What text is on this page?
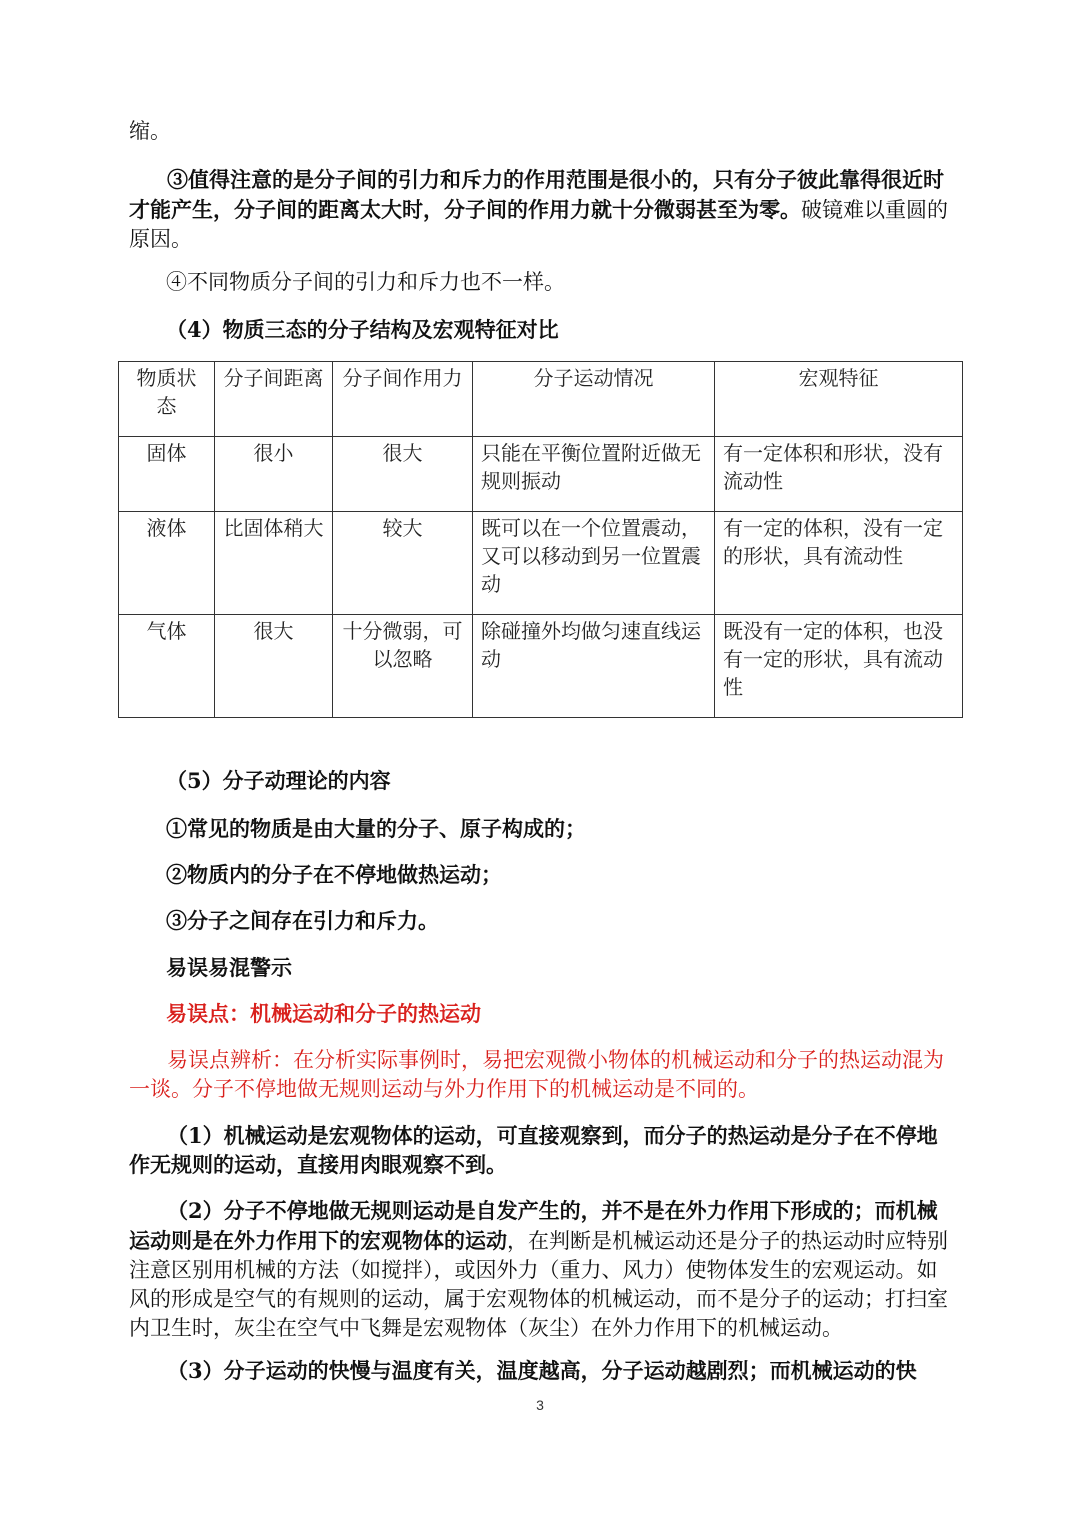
缩。

③值得注意的是分子间的引力和斥力的作用范围是很小的，只有分子彼此靠得很近时才能产生，分子间的距离太大时，分子间的作用力就十分微弱甚至为零。破镜难以重圆的原因。

④不同物质分子间的引力和斥力也不一样。

（4）物质三态的分子结构及宏观特征对比

物质状态	分子间距离	分子间作用力	分子运动情况	宏观特征
固体	很小	很大	只能在平衡位置附近做无规则振动	有一定体积和形状，没有流动性
液体	比固体稍大	较大	既可以在一个位置震动，又可以移动到另一位置震动	有一定的体积，没有一定的形状，具有流动性
气体	很大	十分微弱，可以忽略	除碰撞外均做匀速直线运动	既没有一定的体积，也没有一定的形状，具有流动性

（5）分子动理论的内容

①常见的物质是由大量的分子、原子构成的；

②物质内的分子在不停地做热运动；

③分子之间存在引力和斥力。

易误易混警示

易误点：机械运动和分子的热运动

易误点辨析：在分析实际事例时，易把宏观微小物体的机械运动和分子的热运动混为一谈。分子不停地做无规则运动与外力作用下的机械运动是不同的。

（1）机械运动是宏观物体的运动，可直接观察到，而分子的热运动是分子在不停地作无规则的运动，直接用肉眼观察不到。

（2）分子不停地做无规则运动是自发产生的，并不是在外力作用下形成的；而机械运动则是在外力作用下的宏观物体的运动，在判断是机械运动还是分子的热运动时应特别注意区别用机械的方法（如搅拌），或因外力（重力、风力）使物体发生的宏观运动。如风的形成是空气的有规则的运动，属于宏观物体的机械运动，而不是分子的运动；打扫室内卫生时，灰尘在空气中飞舞是宏观物体（灰尘）在外力作用下的机械运动。

（3）分子运动的快慢与温度有关，温度越高，分子运动越剧烈；而机械运动的快

3
